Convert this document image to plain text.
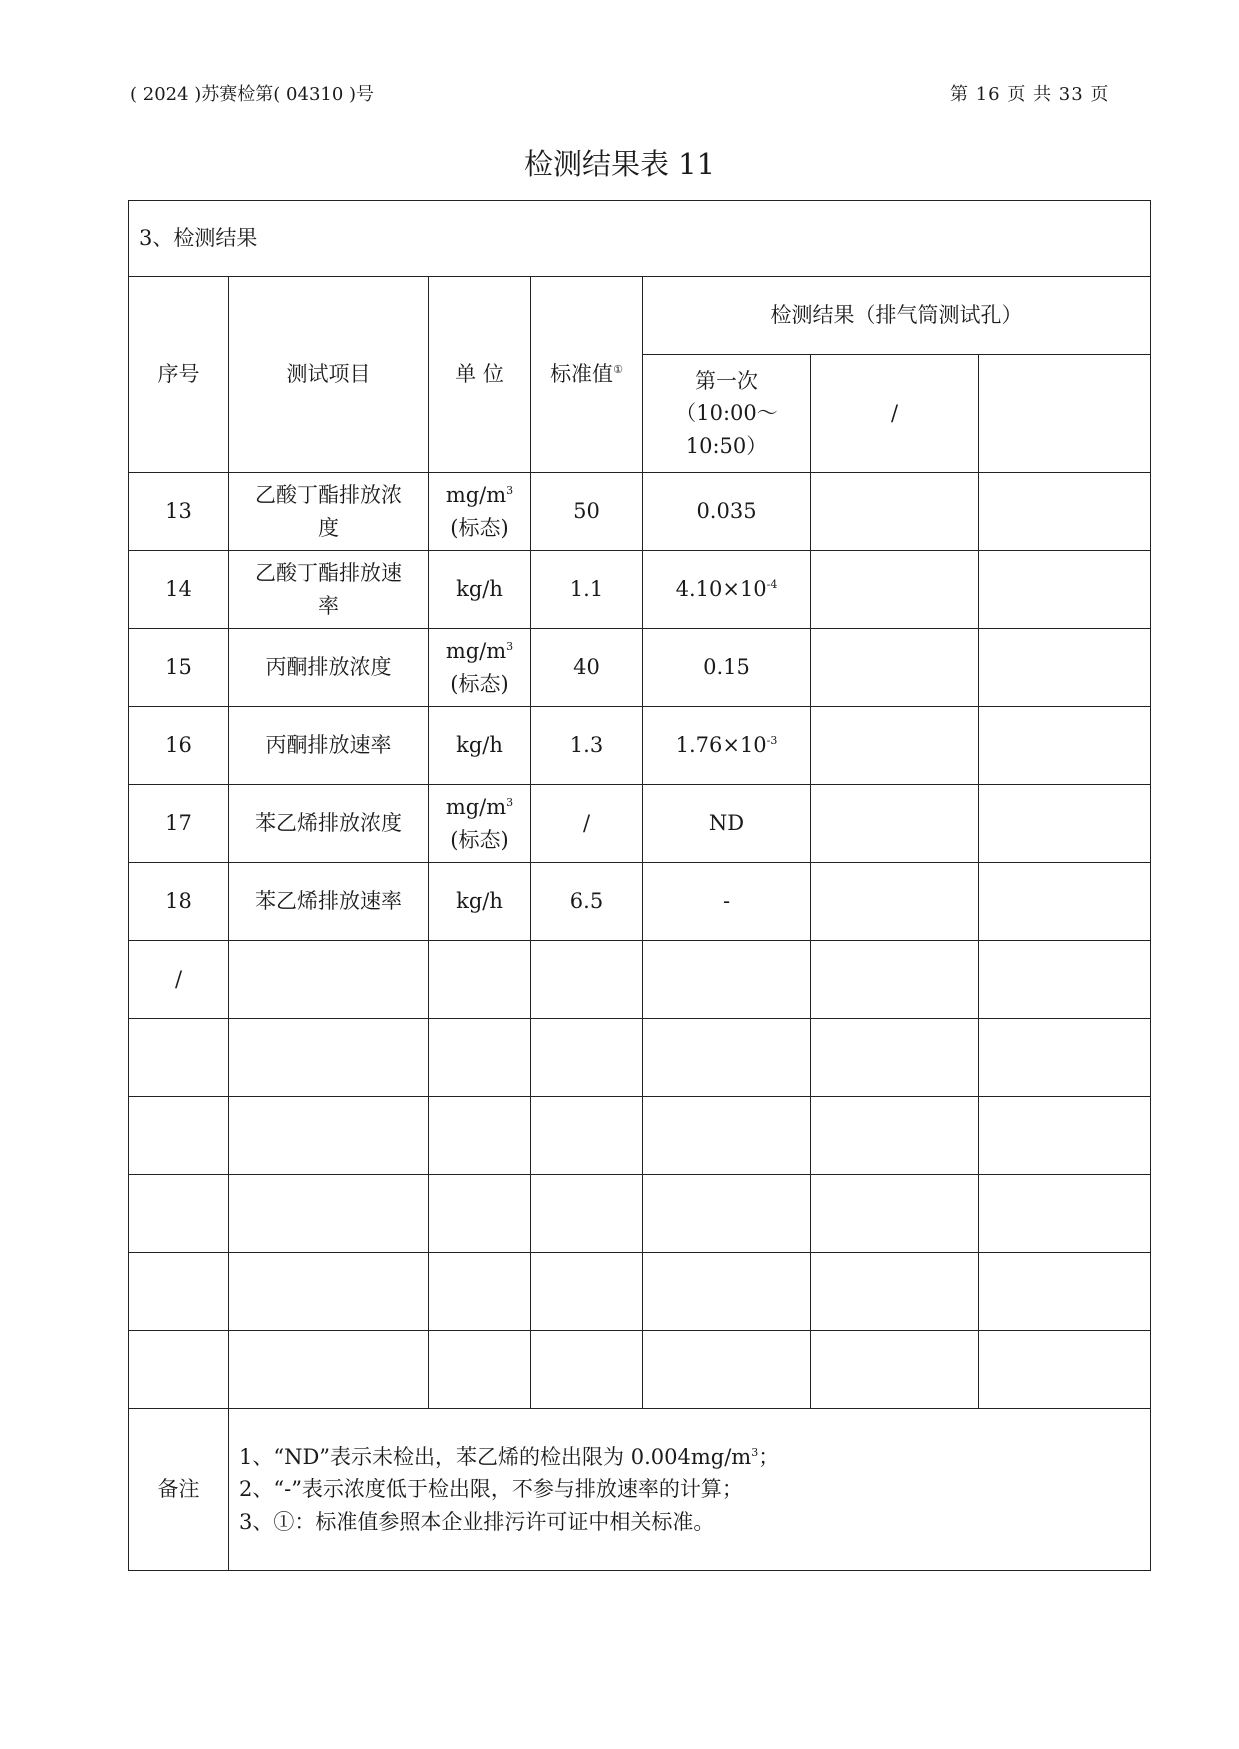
( 2024 )苏赛检第( 04310 )号	第 16 页 共 33 页
检测结果表 11
3、检测结果						
序号	测试项目	单 位	标准值①	检测结果（排气筒测试孔）		

				第一次
（10:00～
10:50）	/	
13	乙酸丁酯排放浓
度	$mg/m^3$
(标态)	50	0.035		
14	乙酸丁酯排放速
率	kg/h	1.1	$4.10\times 10^{-4}$		
15	丙酮排放浓度	$mg/m^3$
(标态)	40	0.15		
16	丙酮排放速率	kg/h	1.3	$1.76\times 10^{-3}$		
17	苯乙烯排放浓度	$mg/m^3$
(标态)	/	ND		
18	苯乙烯排放速率	kg/h	6.5	-		
/	

备注	1、“ND”表示未检出，苯乙烯的检出限为 $0.004mg/m^3$；
2、“-”表示浓度低于检出限，不参与排放速率的计算；
3、①：标准值参照本企业排污许可证中相关标准。					
